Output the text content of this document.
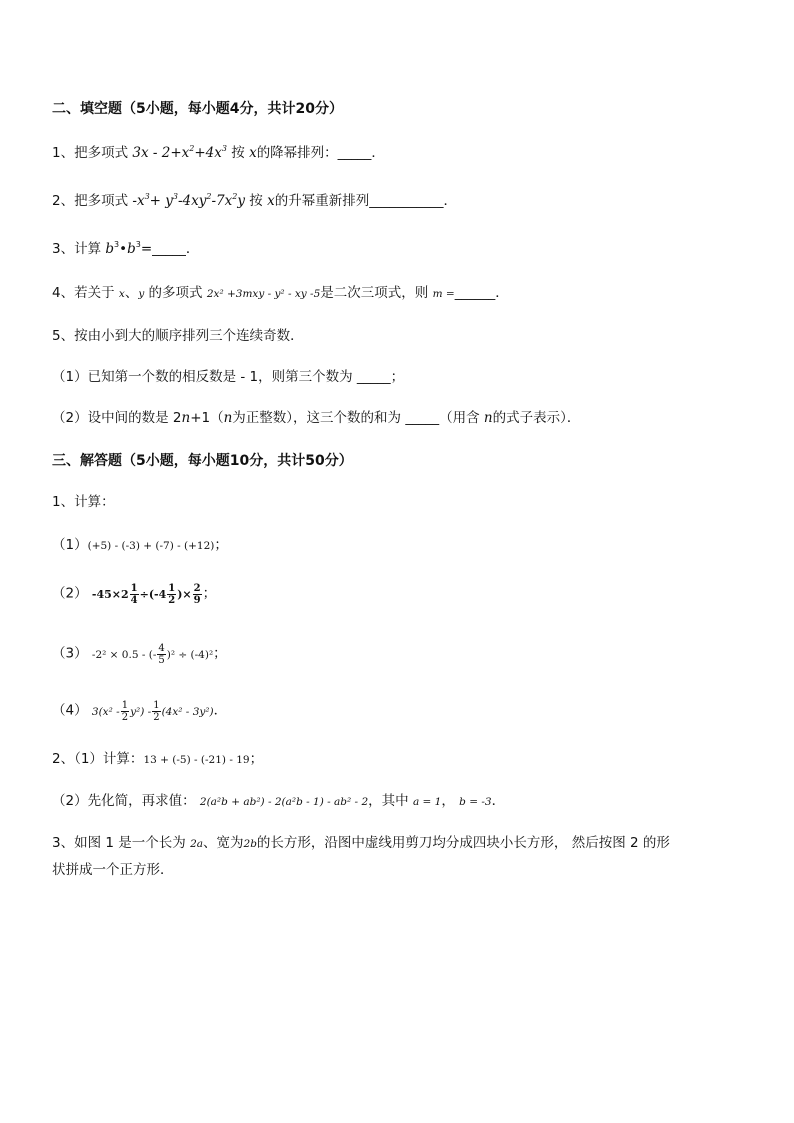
二、填空题（5小题，每小题4分，共计20分）
1、把多项式 $3x - 2+x^2+4x^3$ 按 x的降幂排列：_____．
2、把多项式 $-x^3+ y^3-4xy^2-7x^2y$ 按 x的升幂重新排列___________．
3、计算 $b^3•b^3=\_\_\_\_\_$．
4、若关于 x、y 的多项式 2x² +3mxy - y² - xy -5是二次三项式，则 m =______．
5、按由小到大的顺序排列三个连续奇数．
（1）已知第一个数的相反数是 - 1，则第三个数为 _____；
（2）设中间的数是 2n+1（n为正整数），这三个数的和为 _____（用含 n的式子表示）．
三、解答题（5小题，每小题10分，共计50分）
1、计算：
（1）(+5) - (-3) + (-7) - (+12)；
（2） $-45\times 2 \frac{1}{4} \div(-4 \frac{1}{2}$ )× $\frac{2}{9}$ ；
（3） -2² × 0.5 - (- $\frac{4}{5} )^2 \div (-4)^2$；
（4） $3(x^2 - \frac{1}{2} y^2) - \frac{1}{2} (4x^2 - 3y^2)$．
2、（1）计算：13 + (-5) - (-21) - 19；
（2）先化简，再求值： 2(a²b + ab²) - 2(a²b - 1) - ab² - 2，其中 a = 1， b = -3．
3、如图 1 是一个长为 2a、宽为2b的长方形，沿图中虚线用剪刀均分成四块小长方形， 然后按图 2 的形
状拼成一个正方形．
